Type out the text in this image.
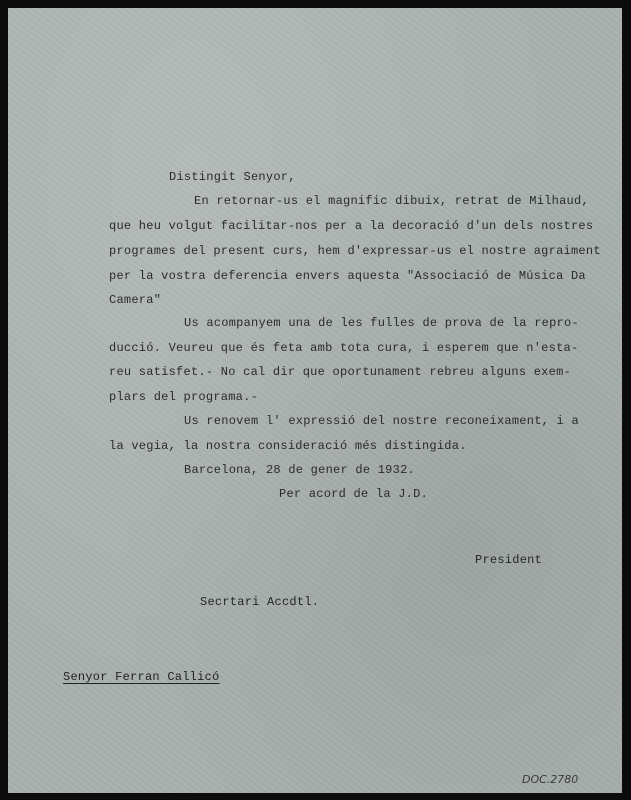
Distingit Senyor,
En retornar-us el magnific dibuix, retrat de Milhaud,
que heu volgut facilitar-nos per a la decoració d'un dels nostres
programes del present curs, hem d'expressar-us el nostre agraiment
per la vostra deferencia envers aquesta "Associació de Música Da
Camera"
Us acompanyem una de les fulles de prova de la repro-
ducció. Veureu que és feta amb tota cura, i esperem que n'esta-
reu satisfet.- No cal dir que oportunament rebreu alguns exem-
plars del programa.-
Us renovem l' expressió del nostre reconeixament, i a
la vegia, la nostra consideració més distingida.
Barcelona, 28 de gener de 1932.
Per acord de la J.D.
President
Secrtari Accdtl.
Senyor Ferran Callicó
DOC.2780
